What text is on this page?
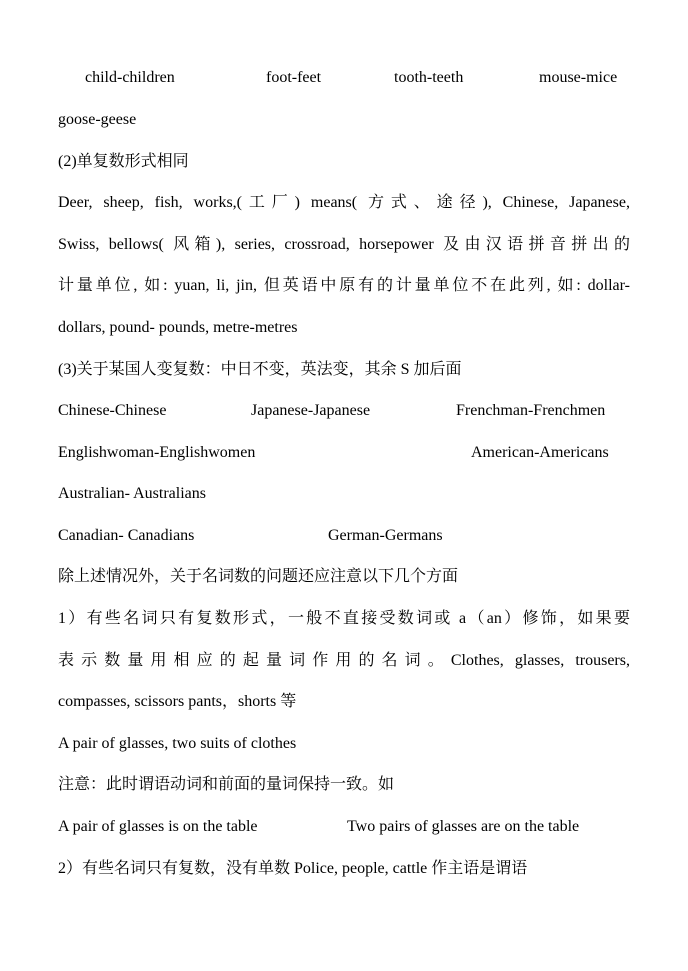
child-children	foot-feet	tooth-teeth	mouse-mice
goose-geese
(2)单复数形式相同
Deer, sheep, fish, works,(工厂) means( 方式、途径), Chinese, Japanese,
Swiss, bellows( 风箱), series, crossroad, horsepower 及由汉语拼音拼出的
计量单位, 如: yuan, li, jin, 但英语中原有的计量单位不在此列, 如: dollar-
dollars, pound- pounds, metre-metres
(3)关于某国人变复数：中日不变，英法变，其余 S 加后面
Chinese-Chinese	Japanese-Japanese	Frenchman-Frenchmen
Englishwoman-Englishwomen	American-Americans
Australian- Australians
Canadian- Canadians	German-Germans
除上述情况外，关于名词数的问题还应注意以下几个方面
1）有些名词只有复数形式，一般不直接受数词或 a（an）修饰，如果要
表示数量用相应的起量词作用的名词。Clothes, glasses, trousers,
compasses, scissors pants，shorts 等
A pair of glasses, two suits of clothes
注意：此时谓语动词和前面的量词保持一致。如
A pair of glasses is on the table	Two pairs of glasses are on the table
2）有些名词只有复数，没有单数 Police, people, cattle 作主语是谓语
